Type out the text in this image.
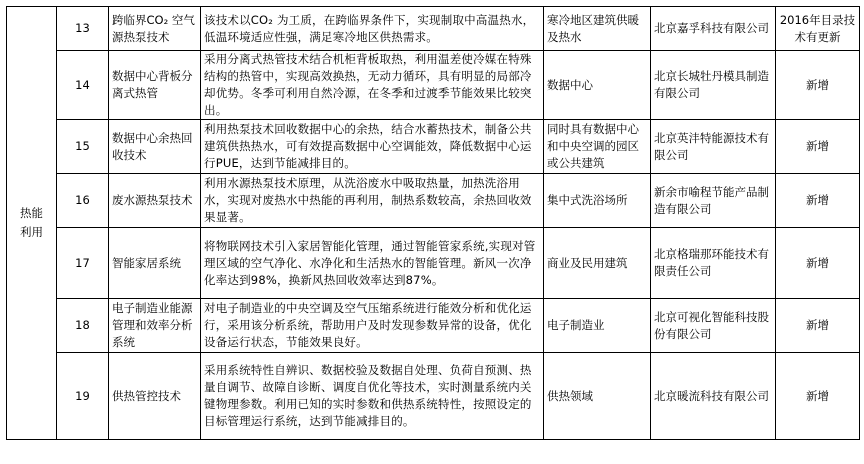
热能利用	13	跨临界CO₂ 空气源热泵技术	该技术以CO₂ 为工质，在跨临界条件下，实现制取中高温热水，低温环境适应性强，满足寒冷地区供热需求。	寒冷地区建筑供暖及热水	北京嘉孚科技有限公司	2016年目录技术有更新
	14	数据中心背板分离式热管	采用分离式热管技术结合机柜背板取热，利用温差使冷媒在特殊结构的热管中，实现高效换热，无动力循环，具有明显的局部冷却优势。冬季可利用自然冷源，在冬季和过渡季节能效果比较突出。	数据中心	北京长城牡丹模具制造有限公司	新增
	15	数据中心余热回收技术	利用热泵技术回收数据中心的余热，结合水蓄热技术，制备公共建筑供热热水，可有效提高数据中心空调能效，降低数据中心运行PUE，达到节能减排目的。	同时具有数据中心和中央空调的园区或公共建筑	北京英沣特能源技术有限公司	新增
	16	废水源热泵技术	利用水源热泵技术原理，从洗浴废水中吸取热量，加热洗浴用水，实现对废热水中热能的再利用，制热系数较高，余热回收效果显著。	集中式洗浴场所	新余市喻程节能产品制造有限公司	新增
	17	智能家居系统	将物联网技术引入家居智能化管理，通过智能管家系统,实现对管理区域的空气净化、水净化和生活热水的智能管理。新风一次净化率达到98%，换新风热回收效率达到87%。	商业及民用建筑	北京格瑞那环能技术有限责任公司	新增
	18	电子制造业能源管理和效率分析系统	对电子制造业的中央空调及空气压缩系统进行能效分析和优化运行，采用该分析系统，帮助用户及时发现参数异常的设备，优化设备运行状态，节能效果良好。	电子制造业	北京可视化智能科技股份有限公司	新增
	19	供热管控技术	采用系统特性自辨识、数据校验及数据自处理、负荷自预测、热量自调节、故障自诊断、调度自优化等技术，实时测量系统内关键物理参数。利用已知的实时参数和供热系统特性，按照设定的目标管理运行系统，达到节能减排目的。	供热领域	北京暖流科技有限公司	新增
